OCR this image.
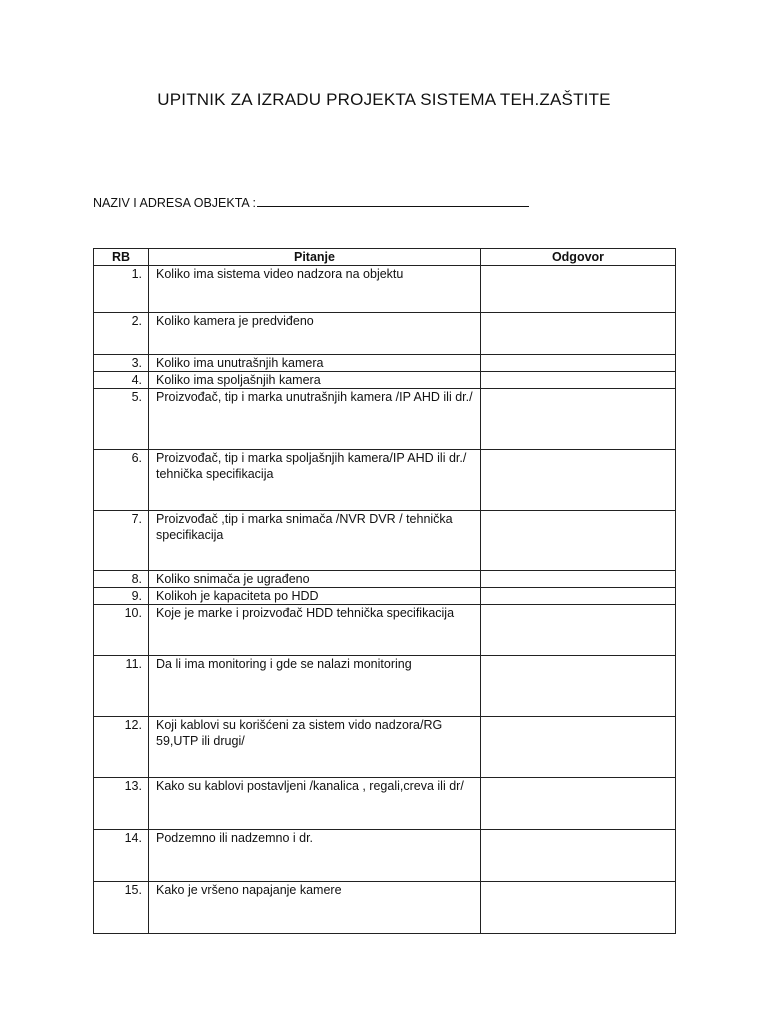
UPITNIK ZA IZRADU PROJEKTA SISTEMA TEH.ZAŠTITE
NAZIV I ADRESA OBJEKTA :
RB	Pitanje	Odgovor
1.	Koliko ima sistema video nadzora na objektu	
2.	Koliko kamera je predviđeno	
3.	Koliko ima unutrašnjih kamera	
4.	Koliko ima spoljašnjih kamera	
5.	Proizvođač, tip i marka unutrašnjih kamera /IP AHD ili dr./	
6.	Proizvođač, tip i marka spoljašnjih kamera/IP AHD ili dr./ tehnička specifikacija	
7.	Proizvođač ,tip i marka snimača /NVR DVR / tehnička specifikacija	
8.	Koliko snimača je ugrađeno	
9.	Kolikoh je kapaciteta po HDD	
10.	Koje je marke i proizvođač HDD tehnička specifikacija	
11.	Da li ima monitoring i gde se nalazi monitoring	
12.	Koji kablovi su korišćeni za sistem vido nadzora/RG 59,UTP ili drugi/	
13.	Kako su kablovi postavljeni /kanalica , regali,creva ili dr/	
14.	Podzemno ili nadzemno i dr.	
15.	Kako je vršeno napajanje kamere	
